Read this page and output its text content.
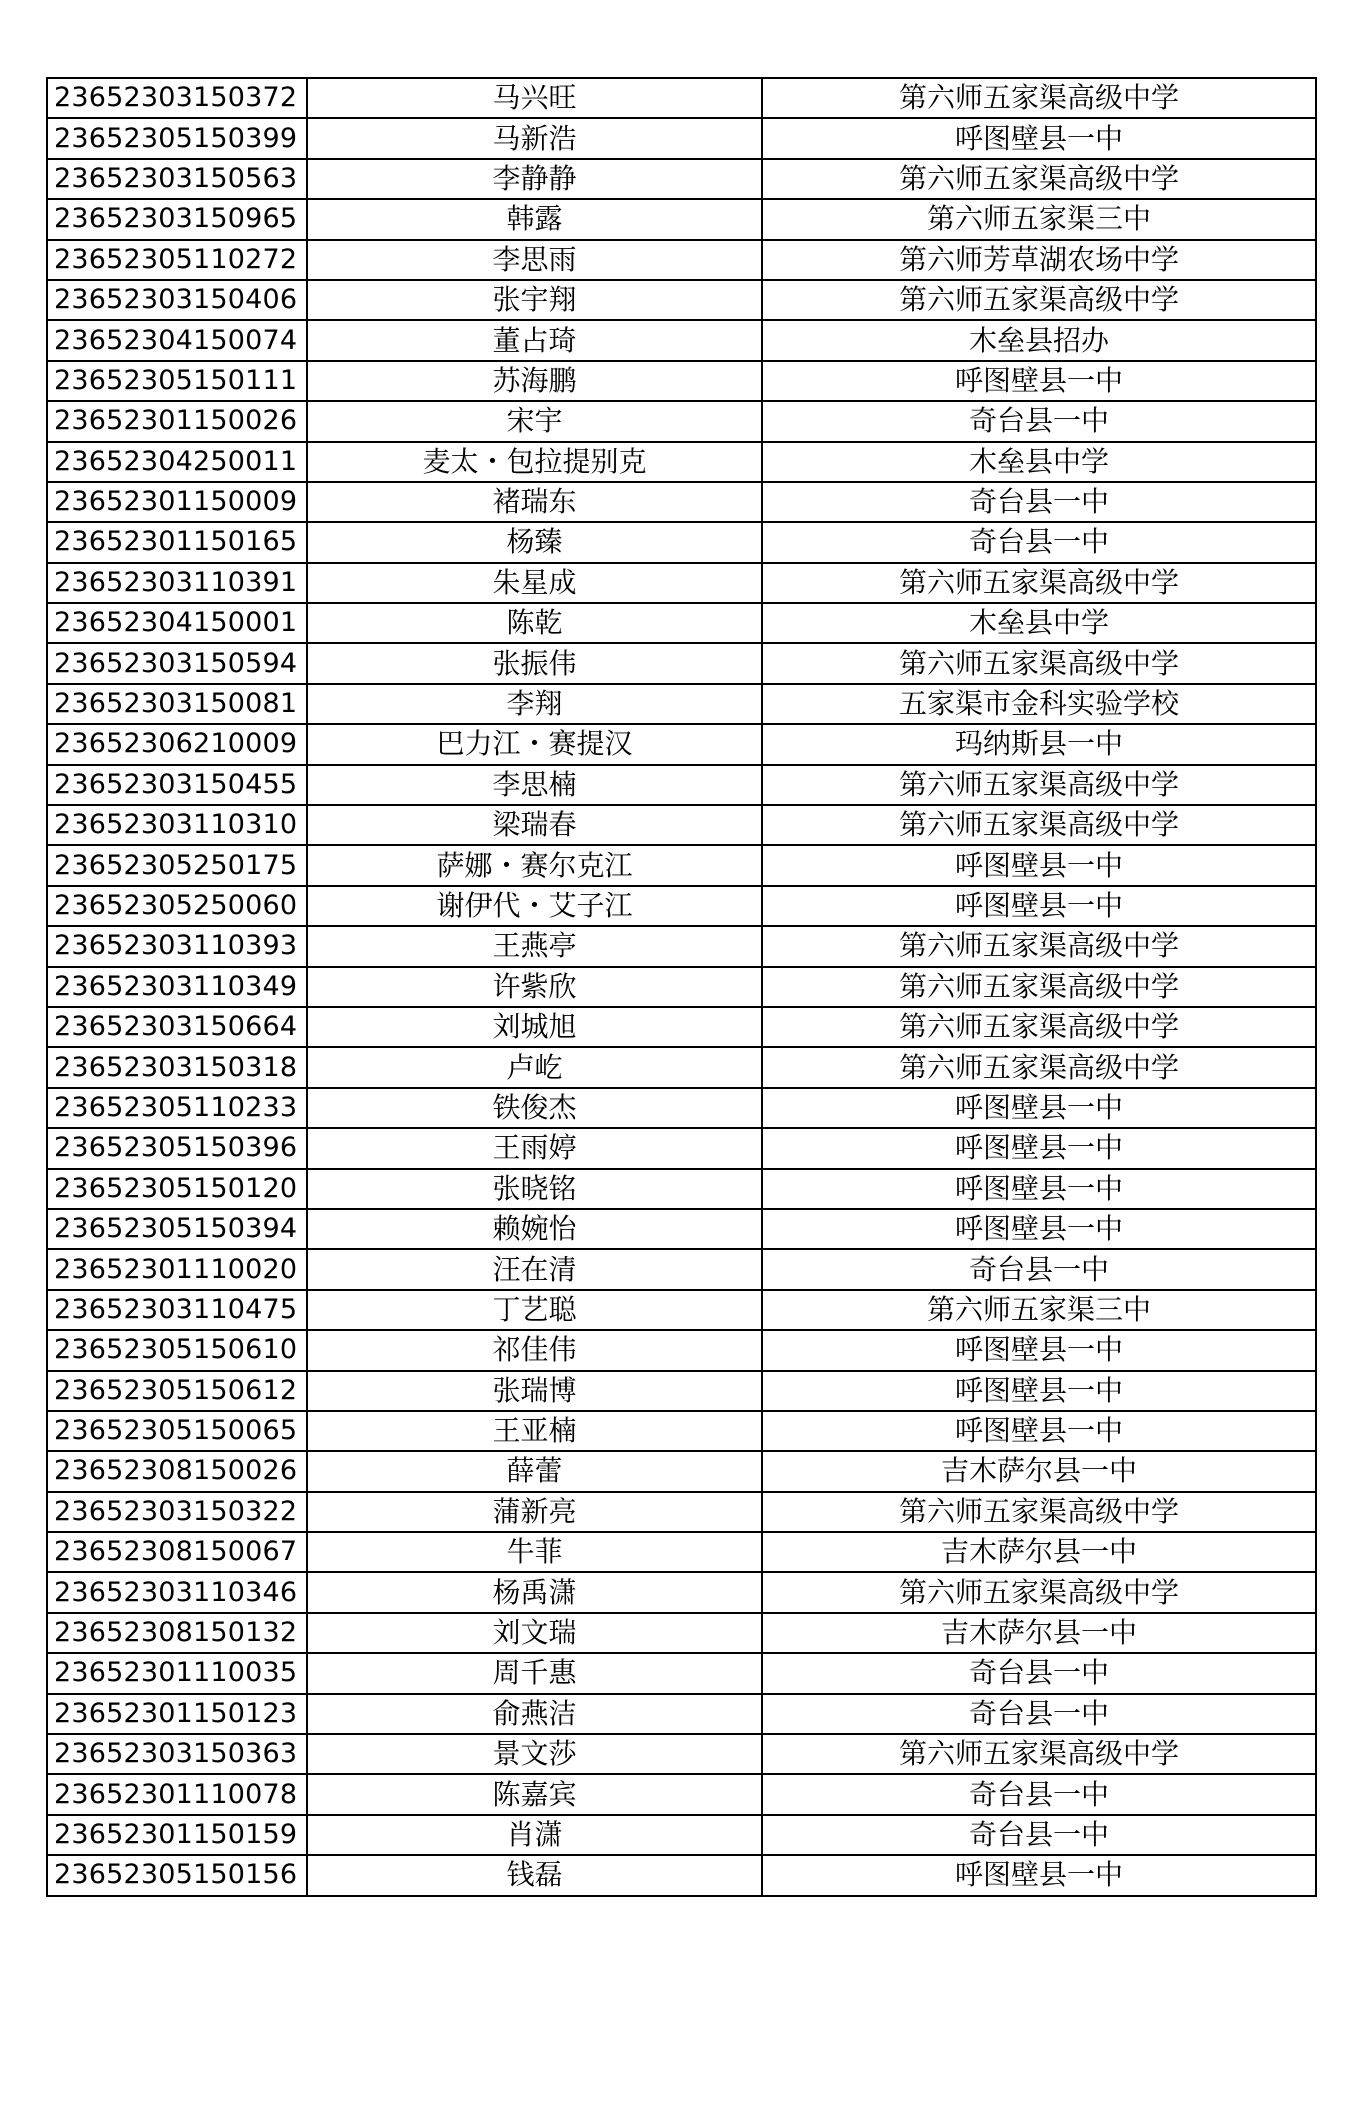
23652303150372	马兴旺	第六师五家渠高级中学
23652305150399	马新浩	呼图壁县一中
23652303150563	李静静	第六师五家渠高级中学
23652303150965	韩露	第六师五家渠三中
23652305110272	李思雨	第六师芳草湖农场中学
23652303150406	张宇翔	第六师五家渠高级中学
23652304150074	董占琦	木垒县招办
23652305150111	苏海鹏	呼图壁县一中
23652301150026	宋宇	奇台县一中
23652304250011	麦太・包拉提别克	木垒县中学
23652301150009	褚瑞东	奇台县一中
23652301150165	杨臻	奇台县一中
23652303110391	朱星成	第六师五家渠高级中学
23652304150001	陈乾	木垒县中学
23652303150594	张振伟	第六师五家渠高级中学
23652303150081	李翔	五家渠市金科实验学校
23652306210009	巴力江・赛提汉	玛纳斯县一中
23652303150455	李思楠	第六师五家渠高级中学
23652303110310	梁瑞春	第六师五家渠高级中学
23652305250175	萨娜・赛尔克江	呼图壁县一中
23652305250060	谢伊代・艾子江	呼图壁县一中
23652303110393	王燕亭	第六师五家渠高级中学
23652303110349	许紫欣	第六师五家渠高级中学
23652303150664	刘城旭	第六师五家渠高级中学
23652303150318	卢屹	第六师五家渠高级中学
23652305110233	铁俊杰	呼图壁县一中
23652305150396	王雨婷	呼图壁县一中
23652305150120	张晓铭	呼图壁县一中
23652305150394	赖婉怡	呼图壁县一中
23652301110020	汪在清	奇台县一中
23652303110475	丁艺聪	第六师五家渠三中
23652305150610	祁佳伟	呼图壁县一中
23652305150612	张瑞博	呼图壁县一中
23652305150065	王亚楠	呼图壁县一中
23652308150026	薛蕾	吉木萨尔县一中
23652303150322	蒲新亮	第六师五家渠高级中学
23652308150067	牛菲	吉木萨尔县一中
23652303110346	杨禹潇	第六师五家渠高级中学
23652308150132	刘文瑞	吉木萨尔县一中
23652301110035	周千惠	奇台县一中
23652301150123	俞燕洁	奇台县一中
23652303150363	景文莎	第六师五家渠高级中学
23652301110078	陈嘉宾	奇台县一中
23652301150159	肖潇	奇台县一中
23652305150156	钱磊	呼图壁县一中
